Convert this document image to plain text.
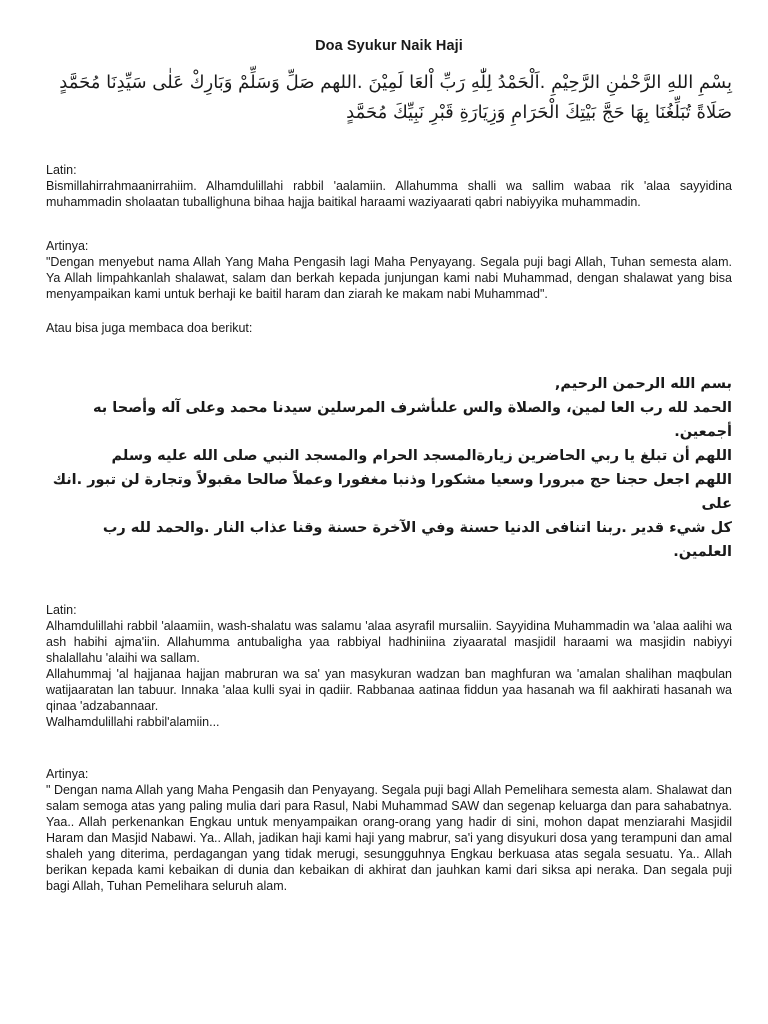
Doa Syukur Naik Haji
بِسْمِ اللهِ الرَّحْمٰنِ الرَّحِيْمِ .اَلْحَمْدُ لِلّٰهِ رَبِّ اْلعَا لَمِيْنَ .اللهم صَلِّ وَسَلِّمْ وَبَارِكْ عَلٰى سَيِّدِنَا مُحَمَّدٍ
صَلَاةً تُبَلِّغُنَا بِهَا حَجَّ بَيْتِكَ الْحَرَامِ وَزِيَارَةِ قَبْرِ نَبِيِّكَ مُحَمَّدٍ

Latin:

Bismillahirrahmaanirrahiim. Alhamdulillahi rabbil 'aalamiin. Allahumma shalli wa sallim wabaa rik 'alaa sayyidina muhammadin sholaatan tuballighuna bihaa hajja baitikal haraami waziyaarati qabri nabiyyika muhammadin.

Artinya:

"Dengan menyebut nama Allah Yang Maha Pengasih lagi Maha Penyayang. Segala puji bagi Allah, Tuhan semesta alam. Ya Allah limpahkanlah shalawat, salam dan berkah kepada junjungan kami nabi Muhammad, dengan shalawat yang bisa menyampaikan kami untuk berhaji ke baitil haram dan ziarah ke makam nabi Muhammad".

Atau bisa juga membaca doa berikut:

بسم الله الرحمن الرحيم,
الحمد لله رب العا لمين، والصلاة والس علىأشرف المرسلين سيدنا محمد وعلى آله وأصحا به أجمعين.
اللهم أن تبلغ يا ربي الحاضرين زيارةالمسجد الحرام والمسجد النبي صلى الله عليه وسلم
اللهم اجعل حجنا حج مبرورا وسعيا مشكورا وذنبا مغفورا وعملاً صالحا مقبولاً وتجارة لن تبور .انك على
كل شيء قدير .ربنا اتنافى الدنيا حسنة وفي الآخرة حسنة وقنا عذاب النار .والحمد لله رب العلمين.

Latin:

Alhamdulillahi rabbil 'alaamiin, wash-shalatu was salamu 'alaa asyrafil mursaliin. Sayyidina Muhammadin wa 'alaa aalihi wa ash habihi ajma'iin. Allahumma antubaligha yaa rabbiyal hadhiniina ziyaaratal masjidil haraami wa masjidin nabiyyi shalallahu 'alaihi wa sallam.

Allahummaj 'al hajjanaa hajjan mabruran wa sa' yan masykuran wadzan ban maghfuran wa 'amalan shalihan maqbulan watijaaratan lan tabuur. Innaka 'alaa kulli syai in qadiir. Rabbanaa aatinaa fiddun yaa hasanah wa fil aakhirati hasanah wa qinaa 'adzabannaar.

Walhamdulillahi rabbil'alamiin...

Artinya:

" Dengan nama Allah yang Maha Pengasih dan Penyayang. Segala puji bagi Allah Pemelihara semesta alam. Shalawat dan salam semoga atas yang paling mulia dari para Rasul, Nabi Muhammad SAW dan segenap keluarga dan para sahabatnya. Yaa.. Allah perkenankan Engkau untuk menyampaikan orang-orang yang hadir di sini, mohon dapat menziarahi Masjidil Haram dan Masjid Nabawi. Ya.. Allah, jadikan haji kami haji yang mabrur, sa'i yang disyukuri dosa yang terampuni dan amal shaleh yang diterima, perdagangan yang tidak merugi, sesungguhnya Engkau berkuasa atas segala sesuatu. Ya.. Allah berikan kepada kami kebaikan di dunia dan kebaikan di akhirat dan jauhkan kami dari siksa api neraka. Dan segala puji bagi Allah, Tuhan Pemelihara seluruh alam.
